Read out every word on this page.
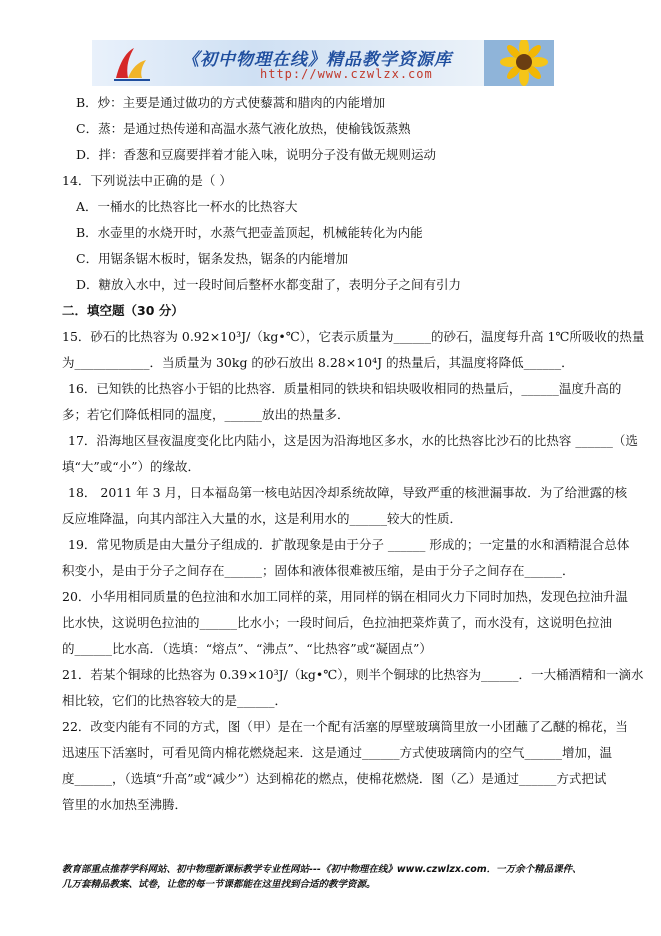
《初中物理在线》精品教学资源库
http://www.czwlzx.com
B．炒：主要是通过做功的方式使藜蒿和腊肉的内能增加
C．蒸：是通过热传递和高温水蒸气液化放热，使榆钱饭蒸熟
D．拌：香葱和豆腐要拌着才能入味，说明分子没有做无规则运动
14．下列说法中正确的是（ ）
A．一桶水的比热容比一杯水的比热容大
B．水壶里的水烧开时，水蒸气把壶盖顶起，机械能转化为内能
C．用锯条锯木板时，锯条发热，锯条的内能增加
D．糖放入水中，过一段时间后整杯水都变甜了，表明分子之间有引力
二．填空题（30 分）
15．砂石的比热容为 0.92×10³J/（kg•℃），它表示质量为______的砂石，温度每升高 1℃所吸收的热量
为____________．当质量为 30kg 的砂石放出 8.28×10⁴J 的热量后，其温度将降低______．
16．已知铁的比热容小于铝的比热容．质量相同的铁块和铝块吸收相同的热量后，______温度升高的
多；若它们降低相同的温度，______放出的热量多．
17．沿海地区昼夜温度变化比内陆小，这是因为沿海地区多水，水的比热容比沙石的比热容 ______（选
填“大”或“小”）的缘故．
18． 2011 年 3 月，日本福岛第一核电站因冷却系统故障，导致严重的核泄漏事故．为了给泄露的核
反应堆降温，向其内部注入大量的水，这是利用水的______较大的性质．
19．常见物质是由大量分子组成的．扩散现象是由于分子 ______ 形成的；一定量的水和酒精混合总体
积变小，是由于分子之间存在______；固体和液体很难被压缩，是由于分子之间存在______．
20．小华用相同质量的色拉油和水加工同样的菜，用同样的锅在相同火力下同时加热，发现色拉油升温
比水快，这说明色拉油的______比水小；一段时间后，色拉油把菜炸黄了，而水没有，这说明色拉油
的______比水高．（选填：“熔点”、“沸点”、“比热容”或“凝固点”）
21．若某个铜球的比热容为 0.39×10³J/（kg•℃），则半个铜球的比热容为______．一大桶酒精和一滴水
相比较，它们的比热容较大的是______．
22．改变内能有不同的方式，图（甲）是在一个配有活塞的厚壁玻璃筒里放一小团蘸了乙醚的棉花，当
迅速压下活塞时，可看见筒内棉花燃烧起来．这是通过______方式使玻璃筒内的空气______增加，温
度______，（选填“升高”或“减少”）达到棉花的燃点，使棉花燃烧．图（乙）是通过______方式把试
管里的水加热至沸腾．
教育部重点推荐学科网站、初中物理新课标教学专业性网站---《初中物理在线》www.czwlzx.com．一万余个精品课件、
几万套精品教案、试卷，让您的每一节课都能在这里找到合适的教学资源。
